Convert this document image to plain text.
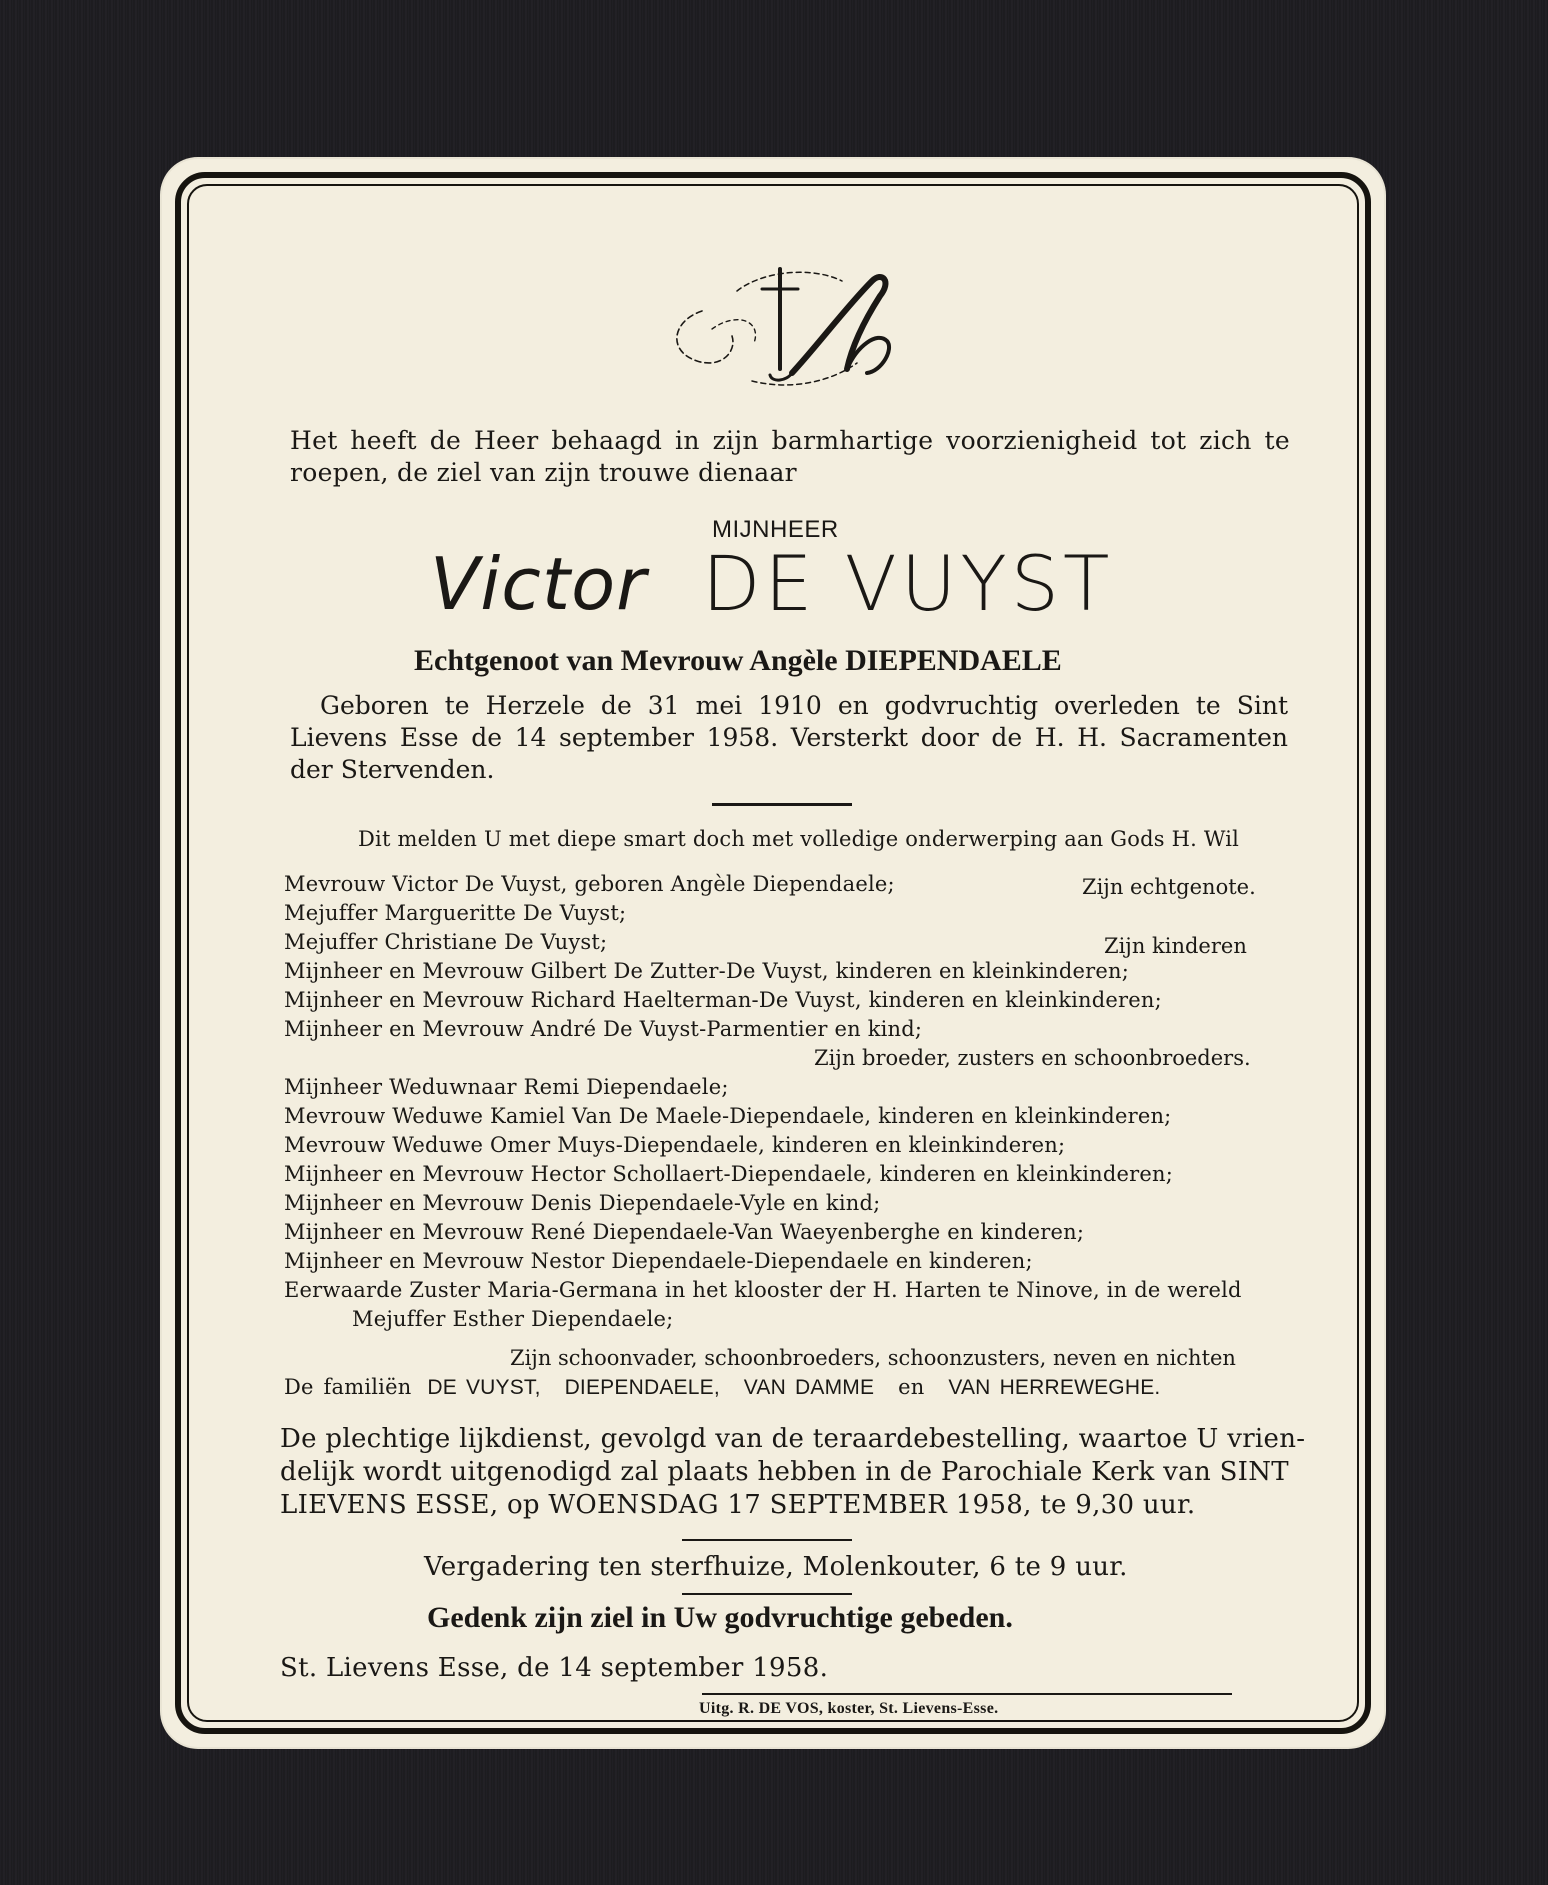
Het heeft de Heer behaagd in zijn barmhartige voorzienigheid tot zich te
roepen, de ziel van zijn trouwe dienaar
MIJNHEER
Victor DE VUYST
Echtgenoot van Mevrouw Angèle DIEPENDAELE
Geboren te Herzele de 31 mei 1910 en godvruchtig overleden te Sint
Lievens Esse de 14 september 1958. Versterkt door de H. H. Sacramenten
der Stervenden.
Dit melden U met diepe smart doch met volledige onderwerping aan Gods H. Wil
Mevrouw Victor De Vuyst, geboren Angèle Diependaele;	Zijn echtgenote.
Mejuffer Margueritte De Vuyst;
Mejuffer Christiane De Vuyst;	Zijn kinderen
Mijnheer en Mevrouw Gilbert De Zutter-De Vuyst, kinderen en kleinkinderen;
Mijnheer en Mevrouw Richard Haelterman-De Vuyst, kinderen en kleinkinderen;
Mijnheer en Mevrouw André De Vuyst-Parmentier en kind;
Zijn broeder, zusters en schoonbroeders.
Mijnheer Weduwnaar Remi Diependaele;
Mevrouw Weduwe Kamiel Van De Maele-Diependaele, kinderen en kleinkinderen;
Mevrouw Weduwe Omer Muys-Diependaele, kinderen en kleinkinderen;
Mijnheer en Mevrouw Hector Schollaert-Diependaele, kinderen en kleinkinderen;
Mijnheer en Mevrouw Denis Diependaele-Vyle en kind;
Mijnheer en Mevrouw René Diependaele-Van Waeyenberghe en kinderen;
Mijnheer en Mevrouw Nestor Diependaele-Diependaele en kinderen;
Eerwaarde Zuster Maria-Germana in het klooster der H. Harten te Ninove, in de wereld
Mejuffer Esther Diependaele;
Zijn schoonvader, schoonbroeders, schoonzusters, neven en nichten
De familiën DE VUYST, DIEPENDAELE, VAN DAMME en VAN HERREWEGHE.
De plechtige lijkdienst, gevolgd van de teraardebestelling, waartoe U vrien-
delijk wordt uitgenodigd zal plaats hebben in de Parochiale Kerk van SINT
LIEVENS ESSE, op WOENSDAG 17 SEPTEMBER 1958, te 9,30 uur.
Vergadering ten sterfhuize, Molenkouter, 6 te 9 uur.
Gedenk zijn ziel in Uw godvruchtige gebeden.
St. Lievens Esse, de 14 september 1958.
Uitg. R. DE VOS, koster, St. Lievens-Esse.
